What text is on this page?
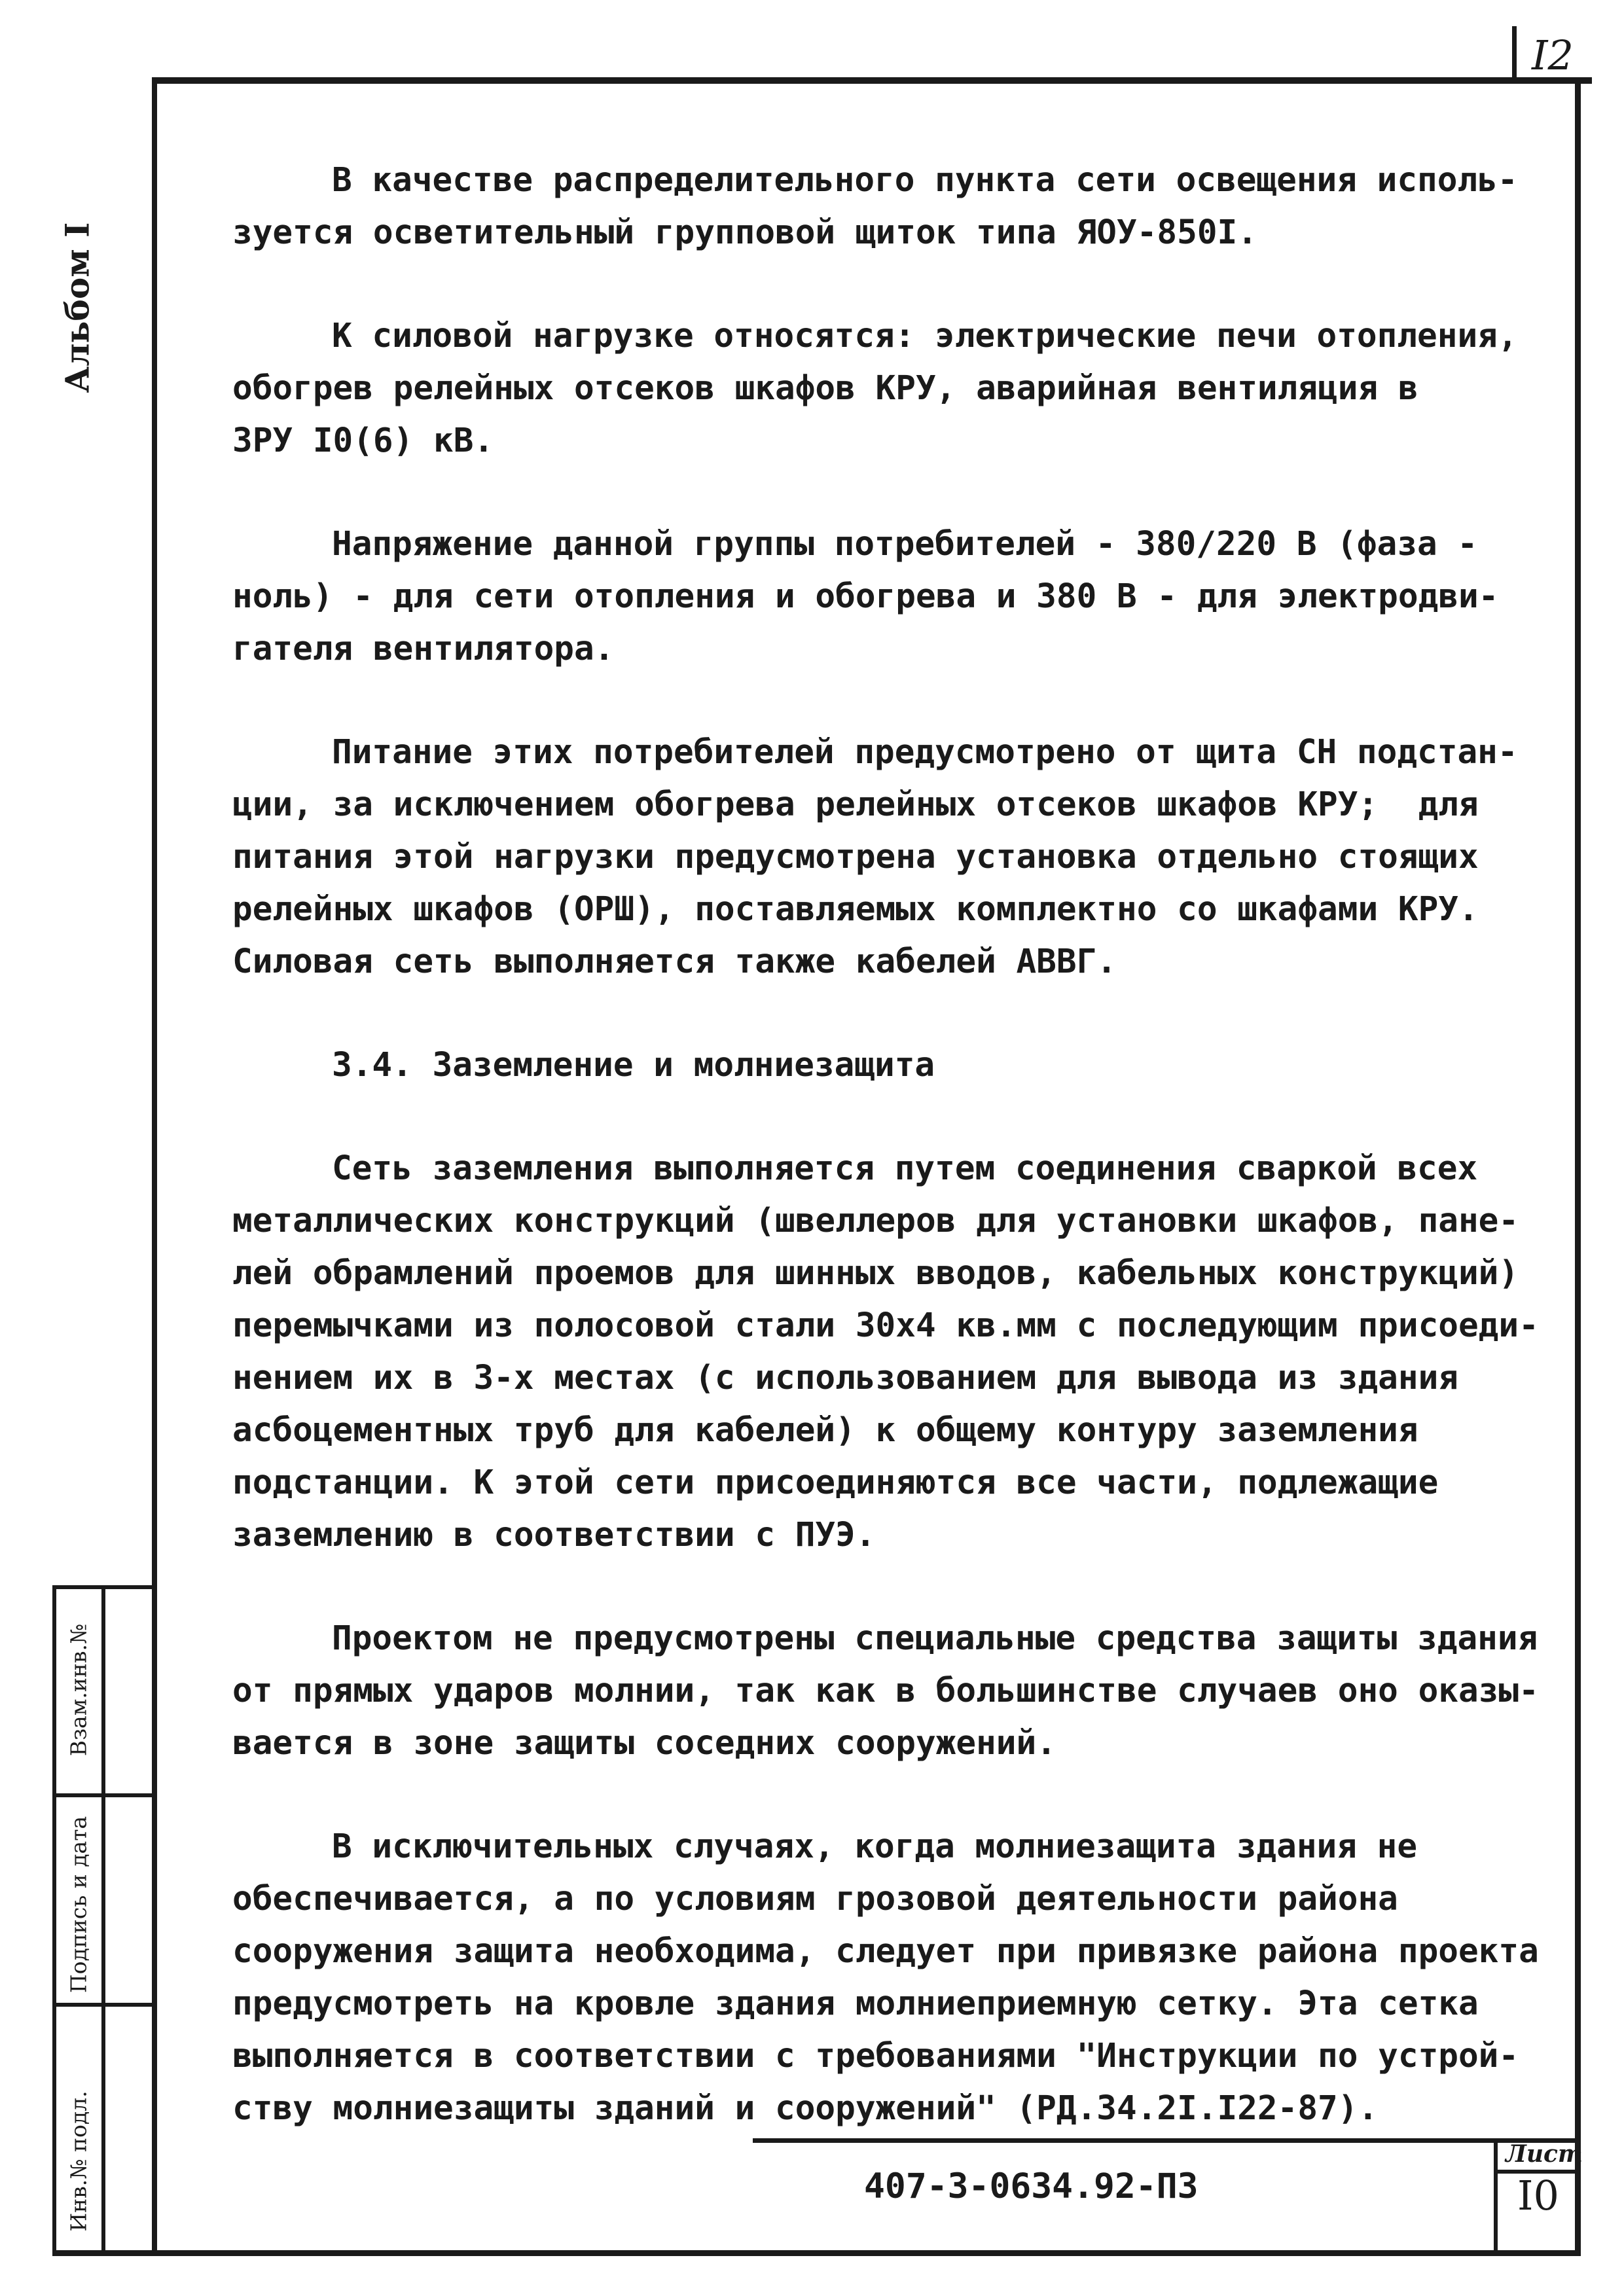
I2
Альбом I
Инв.№ подл.
Подпись и дата
Взам.инв.№
В качестве распределительного пункта сети освещения исполь-
зуется осветительный групповой щиток типа ЯОУ-850I.
К силовой нагрузке относятся: электрические печи отопления,
обогрев релейных отсеков шкафов КРУ, аварийная вентиляция в
ЗРУ I0(6) кВ.
Напряжение данной группы потребителей - 380/220 В (фаза -
ноль) - для сети отопления и обогрева и 380 В - для электродви-
гателя вентилятора.
Питание этих потребителей предусмотрено от щита СН подстан-
ции, за исключением обогрева релейных отсеков шкафов КРУ;  для
питания этой нагрузки предусмотрена установка отдельно стоящих
релейных шкафов (ОРШ), поставляемых комплектно со шкафами КРУ.
Силовая сеть выполняется также кабелей АВВГ.
3.4. Заземление и молниезащита
Сеть заземления выполняется путем соединения сваркой всех
металлических конструкций (швеллеров для установки шкафов, пане-
лей обрамлений проемов для шинных вводов, кабельных конструкций)
перемычками из полосовой стали 30х4 кв.мм с последующим присоеди-
нением их в 3-х местах (с использованием для вывода из здания
асбоцементных труб для кабелей) к общему контуру заземления
подстанции. К этой сети присоединяются все части, подлежащие
заземлению в соответствии с ПУЭ.
Проектом не предусмотрены специальные средства защиты здания
от прямых ударов молнии, так как в большинстве случаев оно оказы-
вается в зоне защиты соседних сооружений.
В исключительных случаях, когда молниезащита здания не
обеспечивается, а по условиям грозовой деятельности района
сооружения защита необходима, следует при привязке района проекта
предусмотреть на кровле здания молниеприемную сетку. Эта сетка
выполняется в соответствии с требованиями "Инструкции по устрой-
ству молниезащиты зданий и сооружений" (РД.34.2I.I22-87).
407-3-0634.92-ПЗ
Лист
I0
